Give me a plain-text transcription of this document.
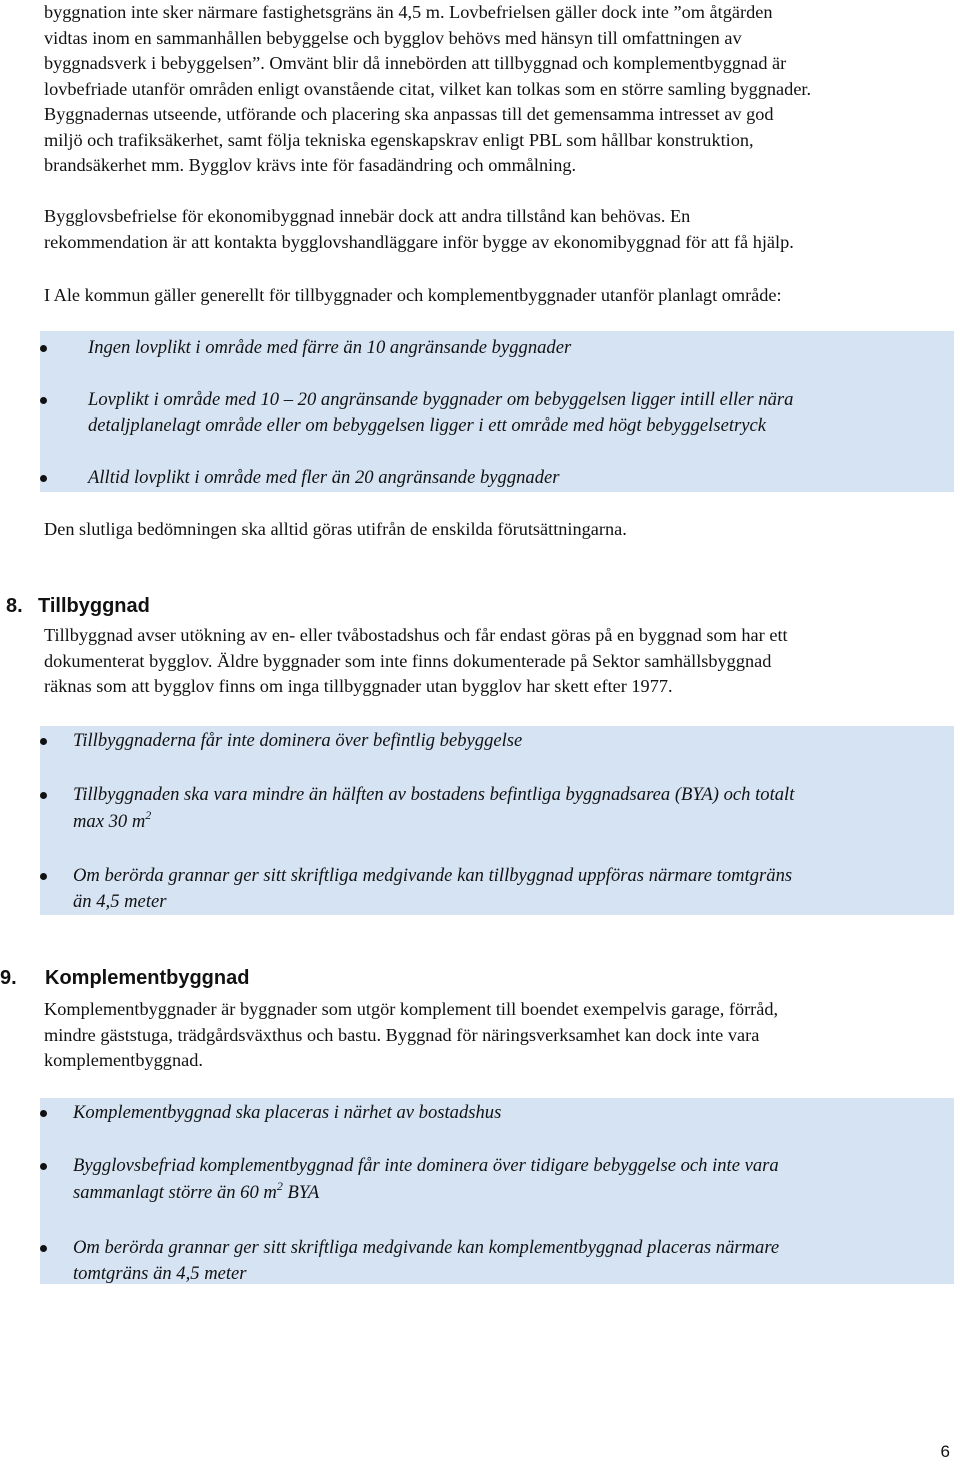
byggnation inte sker närmare fastighetsgräns än 4,5 m. Lovbefrielsen gäller dock inte ”om åtgärden

vidtas inom en sammanhållen bebyggelse och bygglov behövs med hänsyn till omfattningen av

byggnadsverk i bebyggelsen”. Omvänt blir då innebörden att tillbyggnad och komplementbyggnad är

lovbefriade utanför områden enligt ovanstående citat, vilket kan tolkas som en större samling byggnader.

Byggnadernas utseende, utförande och placering ska anpassas till det gemensamma intresset av god

miljö och trafiksäkerhet, samt följa tekniska egenskapskrav enligt PBL som hållbar konstruktion,

brandsäkerhet mm. Bygglov krävs inte för fasadändring och ommålning.

Bygglovsbefrielse för ekonomibyggnad innebär dock att andra tillstånd kan behövas. En

rekommendation är att kontakta bygglovshandläggare inför bygge av ekonomibyggnad för att få hjälp.

I Ale kommun gäller generellt för tillbyggnader och komplementbyggnader utanför planlagt område:

Ingen lovplikt i område med färre än 10 angränsande byggnader
Lovplikt i område med 10 – 20 angränsande byggnader om bebyggelsen ligger intill eller nära
detaljplanelagt område eller om bebyggelsen ligger i ett område med högt bebyggelsetryck
Alltid lovplikt i område med fler än 20 angränsande byggnader

Den slutliga bedömningen ska alltid göras utifrån de enskilda förutsättningarna.

8. Tillbyggnad

Tillbyggnad avser utökning av en- eller tvåbostadshus och får endast göras på en byggnad som har ett

dokumenterat bygglov. Äldre byggnader som inte finns dokumenterade på Sektor samhällsbyggnad

räknas som att bygglov finns om inga tillbyggnader utan bygglov har skett efter 1977.

Tillbyggnaderna får inte dominera över befintlig bebyggelse
Tillbyggnaden ska vara mindre än hälften av bostadens befintliga byggnadsarea (BYA) och totalt
max 30 $m^2$
Om berörda grannar ger sitt skriftliga medgivande kan tillbyggnad uppföras närmare tomtgräns
än 4,5 meter
9. Komplementbyggnad

Komplementbyggnader är byggnader som utgör komplement till boendet exempelvis garage, förråd,

mindre gäststuga, trädgårdsväxthus och bastu. Byggnad för näringsverksamhet kan dock inte vara

komplementbyggnad.

Komplementbyggnad ska placeras i närhet av bostadshus
Bygglovsbefriad komplementbyggnad får inte dominera över tidigare bebyggelse och inte vara
sammanlagt större än 60 $m^2$ BYA
Om berörda grannar ger sitt skriftliga medgivande kan komplementbyggnad placeras närmare
tomtgräns än 4,5 meter
6
